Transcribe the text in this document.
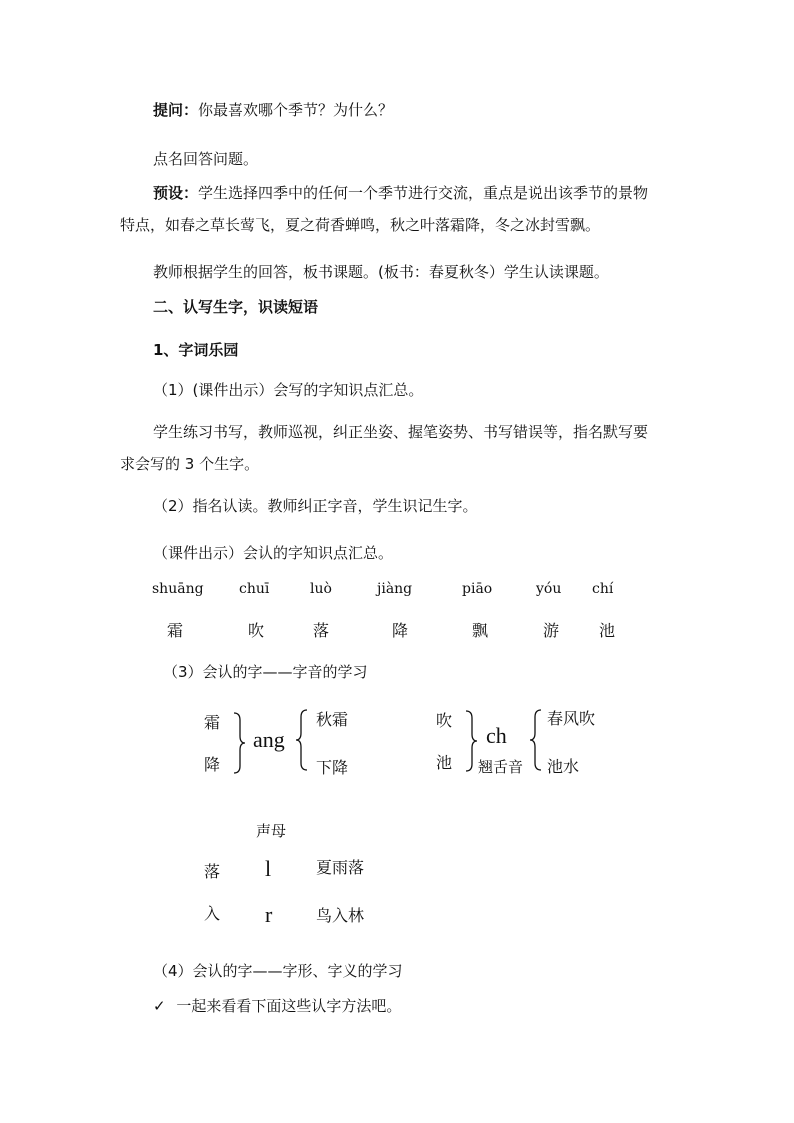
提问：你最喜欢哪个季节？为什么？
点名回答问题。
预设：学生选择四季中的任何一个季节进行交流，重点是说出该季节的景物
特点，如春之草长莺飞，夏之荷香蝉鸣，秋之叶落霜降，冬之冰封雪飘。
教师根据学生的回答，板书课题。(板书：春夏秋冬）学生认读课题。
二、认写生字，识读短语
1、字词乐园
（1）(课件出示）会写的字知识点汇总。
学生练习书写，教师巡视，纠正坐姿、握笔姿势、书写错误等，指名默写要
求会写的 3 个生字。
（2）指名认读。教师纠正字音，学生识记生字。
（课件出示）会认的字知识点汇总。
shuāng	chuī	luò	jiàng	piāo	yóu chí
霜	吹	落	降	飘	游 池
（3）会认的字——字音的学习
霜
降
ang
秋霜
下降
吹
池
ch
翘舌音
春风吹
池水
声母
落 l	夏雨落
入 r	鸟入林
（4）会认的字——字形、字义的学习
✓ 一起来看看下面这些认字方法吧。
